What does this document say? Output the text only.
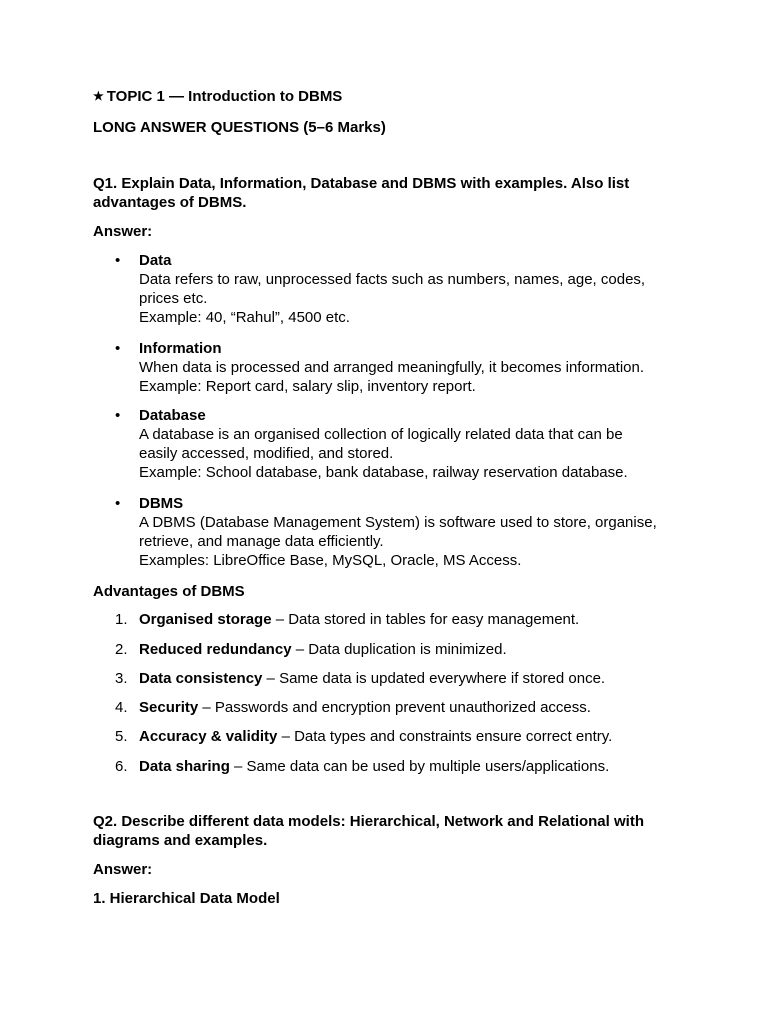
★ TOPIC 1 — Introduction to DBMS
LONG ANSWER QUESTIONS (5–6 Marks)
Q1. Explain Data, Information, Database and DBMS with examples. Also list
advantages of DBMS.
Answer:
• Data
Data refers to raw, unprocessed facts such as numbers, names, age, codes,
prices etc.
Example: 40, “Rahul”, 4500 etc.
• Information
When data is processed and arranged meaningfully, it becomes information.
Example: Report card, salary slip, inventory report.
• Database
A database is an organised collection of logically related data that can be
easily accessed, modified, and stored.
Example: School database, bank database, railway reservation database.
• DBMS
A DBMS (Database Management System) is software used to store, organise,
retrieve, and manage data efficiently.
Examples: LibreOffice Base, MySQL, Oracle, MS Access.
Advantages of DBMS
1. Organised storage – Data stored in tables for easy management.
2. Reduced redundancy – Data duplication is minimized.
3. Data consistency – Same data is updated everywhere if stored once.
4. Security – Passwords and encryption prevent unauthorized access.
5. Accuracy & validity – Data types and constraints ensure correct entry.
6. Data sharing – Same data can be used by multiple users/applications.
Q2. Describe different data models: Hierarchical, Network and Relational with
diagrams and examples.
Answer:
1. Hierarchical Data Model
